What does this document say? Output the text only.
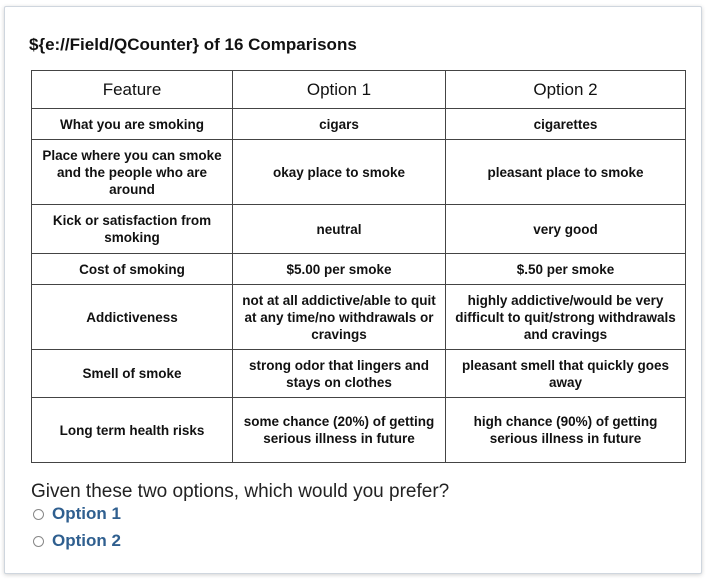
${e://Field/QCounter} of 16 Comparisons
Feature	Option 1	Option 2
What you are smoking	cigars	cigarettes
Place where you can smoke and the people who are around	okay place to smoke	pleasant place to smoke
Kick or satisfaction from smoking	neutral	very good
Cost of smoking	$5.00 per smoke	$.50 per smoke
Addictiveness	not at all addictive/able to quit at any time/no withdrawals or cravings	highly addictive/would be very difficult to quit/strong withdrawals and cravings
Smell of smoke	strong odor that lingers and stays on clothes	pleasant smell that quickly goes away
Long term health risks	some chance (20%) of getting serious illness in future	high chance (90%) of getting serious illness in future
Given these two options, which would you prefer?
Option 1
Option 2
